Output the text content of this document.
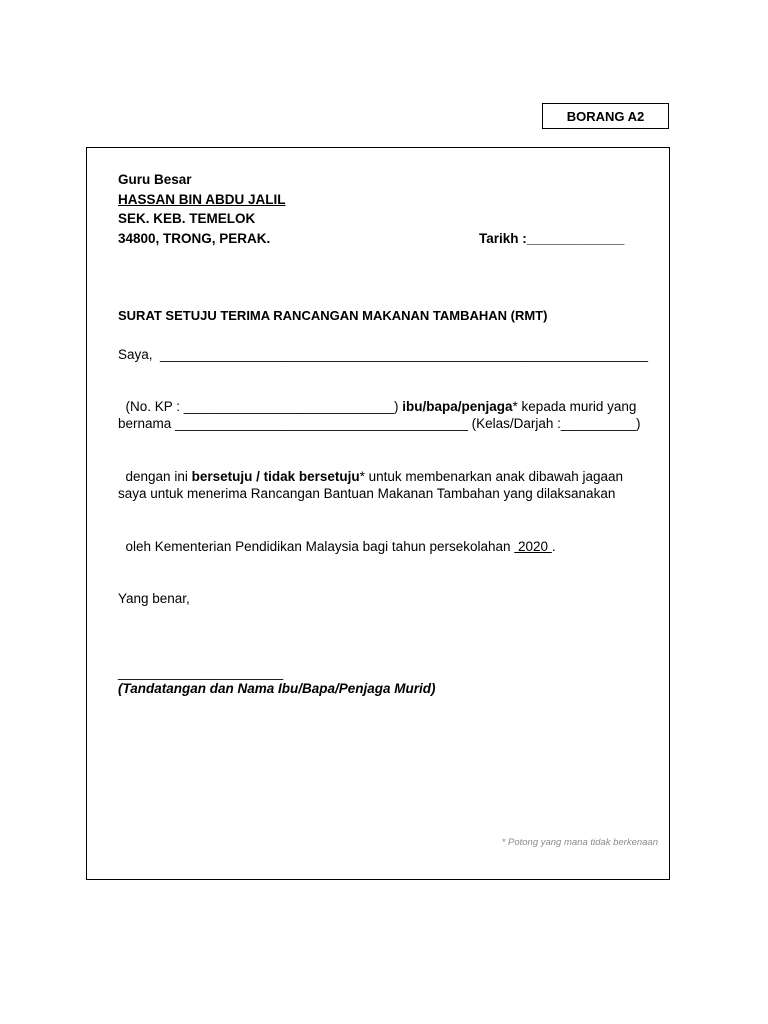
BORANG A2
Guru Besar
HASSAN BIN ABDU JALIL
SEK. KEB. TEMELOK
34800, TRONG, PERAK.	Tarikh :_____________
SURAT SETUJU TERIMA RANCANGAN MAKANAN TAMBAHAN (RMT)
Saya,  _________________________________________________________________

(No. KP : ____________________________) ibu/bapa/penjaga* kepada murid yang

bernama _______________________________________ (Kelas/Darjah :__________)

dengan ini bersetuju / tidak bersetuju* untuk membenarkan anak dibawah jagaan

saya untuk menerima Rancangan Bantuan Makanan Tambahan yang dilaksanakan

oleh Kementerian Pendidikan Malaysia bagi tahun persekolahan  2020 .

Yang benar,
______________________
(Tandatangan dan Nama Ibu/Bapa/Penjaga Murid)
* Potong yang mana tidak berkenaan
